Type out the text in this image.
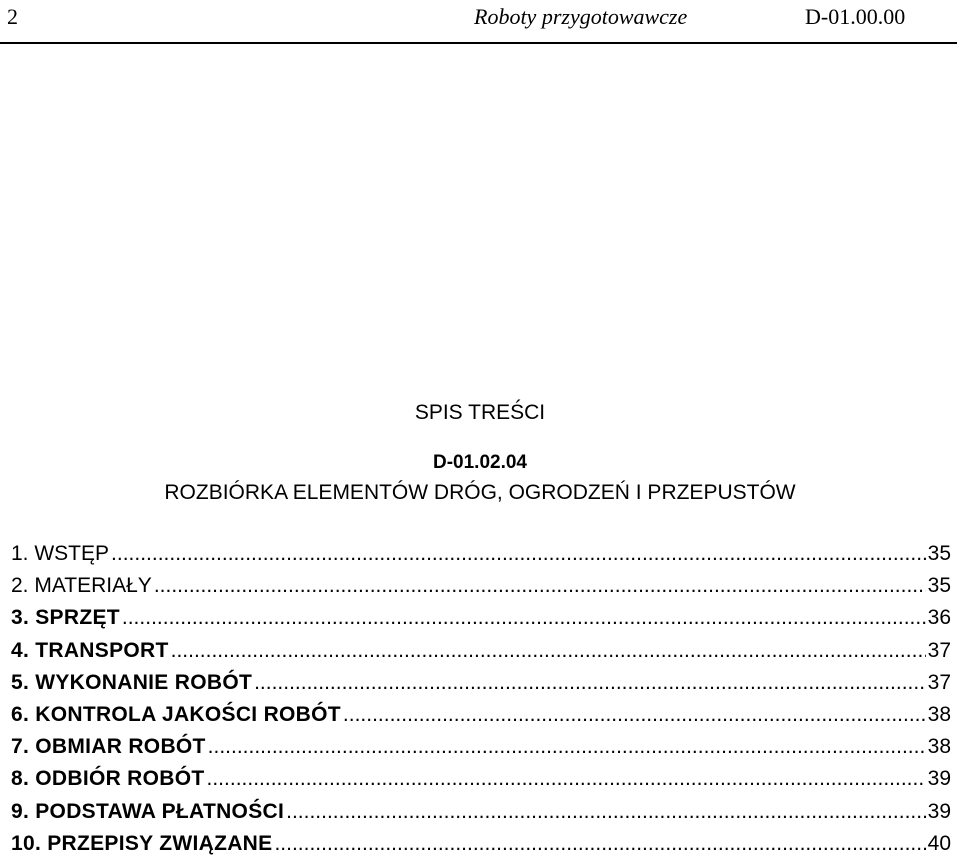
2	Roboty przygotowawcze	D-01.00.00
SPIS TREŚCI
D-01.02.04
ROZBIÓRKA ELEMENTÓW DRÓG, OGRODZEŃ I PRZEPUSTÓW
1. WSTĘP .....	35
2. MATERIAŁY .....	35
3. SPRZĘT .....	36
4. TRANSPORT .....	37
5. WYKONANIE ROBÓT .....	37
6. KONTROLA JAKOŚCI ROBÓT .....	38
7. OBMIAR ROBÓT .....	38
8. ODBIÓR ROBÓT .....	39
9. PODSTAWA PŁATNOŚCI .....	39
10. PRZEPISY ZWIĄZANE .....	40
